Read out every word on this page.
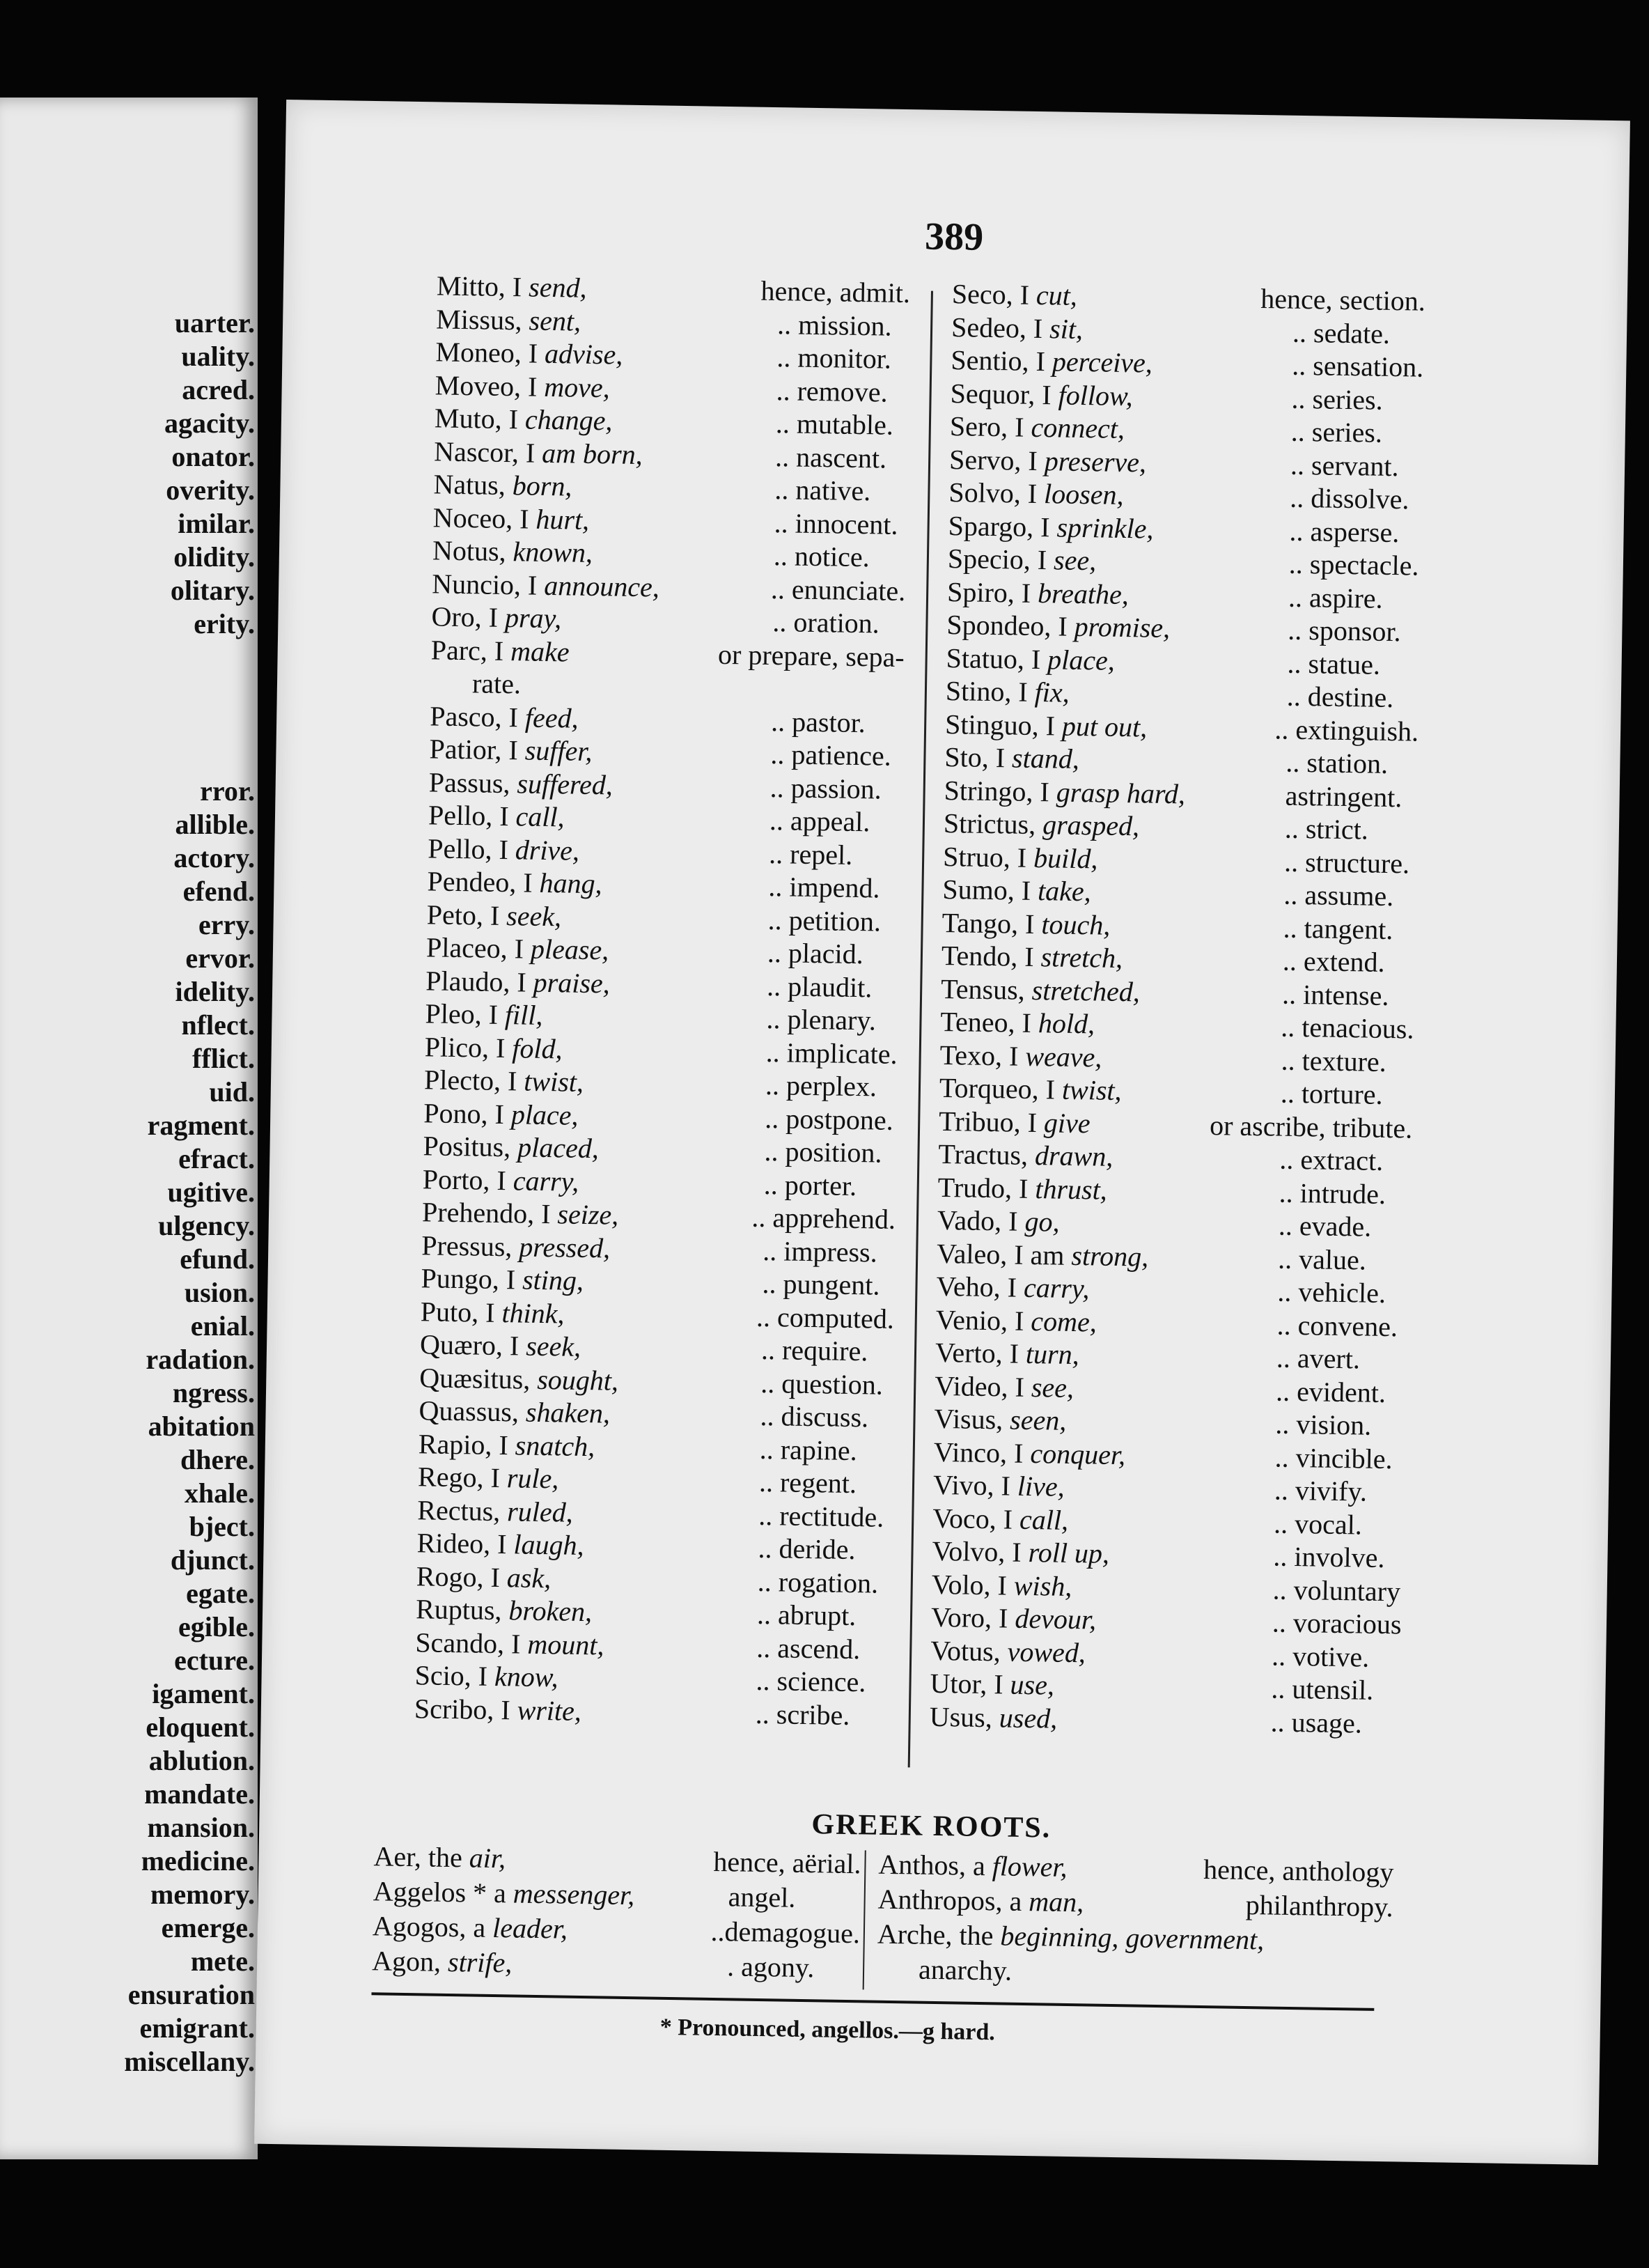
uarter.
uality.
acred.
agacity.
onator.
overity.
imilar.
olidity.
olitary.
erity.

rror.
allible.
actory.
efend.
erry.
ervor.
idelity.
nflect.
fflict.
uid.
ragment.
efract.
ugitive.
ulgency.
efund.
usion.
enial.
radation.
ngress.
abitation
dhere.
xhale.
bject.
djunct.
egate.
egible.
ecture.
igament.
eloquent.
ablution.
mandate.
mansion.
medicine.
memory.
emerge.
mete.
ensuration
emigrant.
miscellany.
389
Mitto, I send,	hence, admit.
Missus, sent,	.. mission.
Moneo, I advise,	.. monitor.
Moveo, I move,	.. remove.
Muto, I change,	.. mutable.
Nascor, I am born,	.. nascent.
Natus, born,	.. native.
Noceo, I hurt,	.. innocent.
Notus, known,	.. notice.
Nuncio, I announce,	.. enunciate.
Oro, I pray,	.. oration.
Parc, I make	or prepare, sepa-
rate.
Pasco, I feed,	.. pastor.
Patior, I suffer,	.. patience.
Passus, suffered,	.. passion.
Pello, I call,	.. appeal.
Pello, I drive,	.. repel.
Pendeo, I hang,	.. impend.
Peto, I seek,	.. petition.
Placeo, I please,	.. placid.
Plaudo, I praise,	.. plaudit.
Pleo, I fill,	.. plenary.
Plico, I fold,	.. implicate.
Plecto, I twist,	.. perplex.
Pono, I place,	.. postpone.
Positus, placed,	.. position.
Porto, I carry,	.. porter.
Prehendo, I seize,	.. apprehend.
Pressus, pressed,	.. impress.
Pungo, I sting,	.. pungent.
Puto, I think,	.. computed.
Quæro, I seek,	.. require.
Quæsitus, sought,	.. question.
Quassus, shaken,	.. discuss.
Rapio, I snatch,	.. rapine.
Rego, I rule,	.. regent.
Rectus, ruled,	.. rectitude.
Rideo, I laugh,	.. deride.
Rogo, I ask,	.. rogation.
Ruptus, broken,	.. abrupt.
Scando, I mount,	.. ascend.
Scio, I know,	.. science.
Scribo, I write,	.. scribe.
Seco, I cut,	hence, section.
Sedeo, I sit,	.. sedate.
Sentio, I perceive,	.. sensation.
Sequor, I follow,	.. series.
Sero, I connect,	.. series.
Servo, I preserve,	.. servant.
Solvo, I loosen,	.. dissolve.
Spargo, I sprinkle,	.. asperse.
Specio, I see,	.. spectacle.
Spiro, I breathe,	.. aspire.
Spondeo, I promise,	.. sponsor.
Statuo, I place,	.. statue.
Stino, I fix,	.. destine.
Stinguo, I put out,	.. extinguish.
Sto, I stand,	.. station.
Stringo, I grasp hard,	astringent.
Strictus, grasped,	.. strict.
Struo, I build,	.. structure.
Sumo, I take,	.. assume.
Tango, I touch,	.. tangent.
Tendo, I stretch,	.. extend.
Tensus, stretched,	.. intense.
Teneo, I hold,	.. tenacious.
Texo, I weave,	.. texture.
Torqueo, I twist,	.. torture.
Tribuo, I give	or ascribe, tribute.
Tractus, drawn,	.. extract.
Trudo, I thrust,	.. intrude.
Vado, I go,	.. evade.
Valeo, I am strong,	.. value.
Veho, I carry,	.. vehicle.
Venio, I come,	.. convene.
Verto, I turn,	.. avert.
Video, I see,	.. evident.
Visus, seen,	.. vision.
Vinco, I conquer,	.. vincible.
Vivo, I live,	.. vivify.
Voco, I call,	.. vocal.
Volvo, I roll up,	.. involve.
Volo, I wish,	.. voluntary
Voro, I devour,	.. voracious
Votus, vowed,	.. votive.
Utor, I use,	.. utensil.
Usus, used,	.. usage.
GREEK ROOTS.
Aer, the air,	hence, aërial.
Aggelos * a messenger,	angel.
Agogos, a leader,	..demagogue.
Agon, strife,	. agony.
Anthos, a flower,	hence, anthology
Anthropos, a man,	philanthropy.
Arche, the beginning, government,
anarchy.
* Pronounced, angellos.—g hard.
